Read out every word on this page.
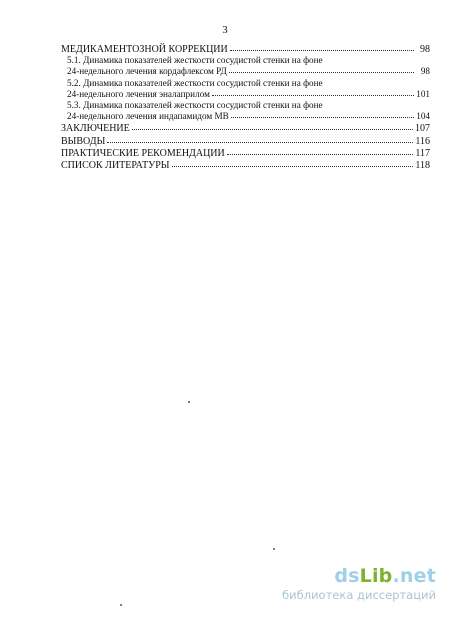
3
МЕДИКАМЕНТОЗНОЙ КОРРЕКЦИИ	98
5.1. Динамика показателей жесткости сосудистой стенки на фоне
24-недельного лечения кордафлексом РД	98
5.2. Динамика показателей жесткости сосудистой стенки на фоне
24-недельного лечения эналаприлом	101
5.3. Динамика показателей жесткости сосудистой стенки на фоне
24-недельного лечения индапамидом МВ	104
ЗАКЛЮЧЕНИЕ	107
ВЫВОДЫ	116
ПРАКТИЧЕСКИЕ РЕКОМЕНДАЦИИ	117
СПИСОК ЛИТЕРАТУРЫ	118
dsLib.net
библиотека диссертаций
